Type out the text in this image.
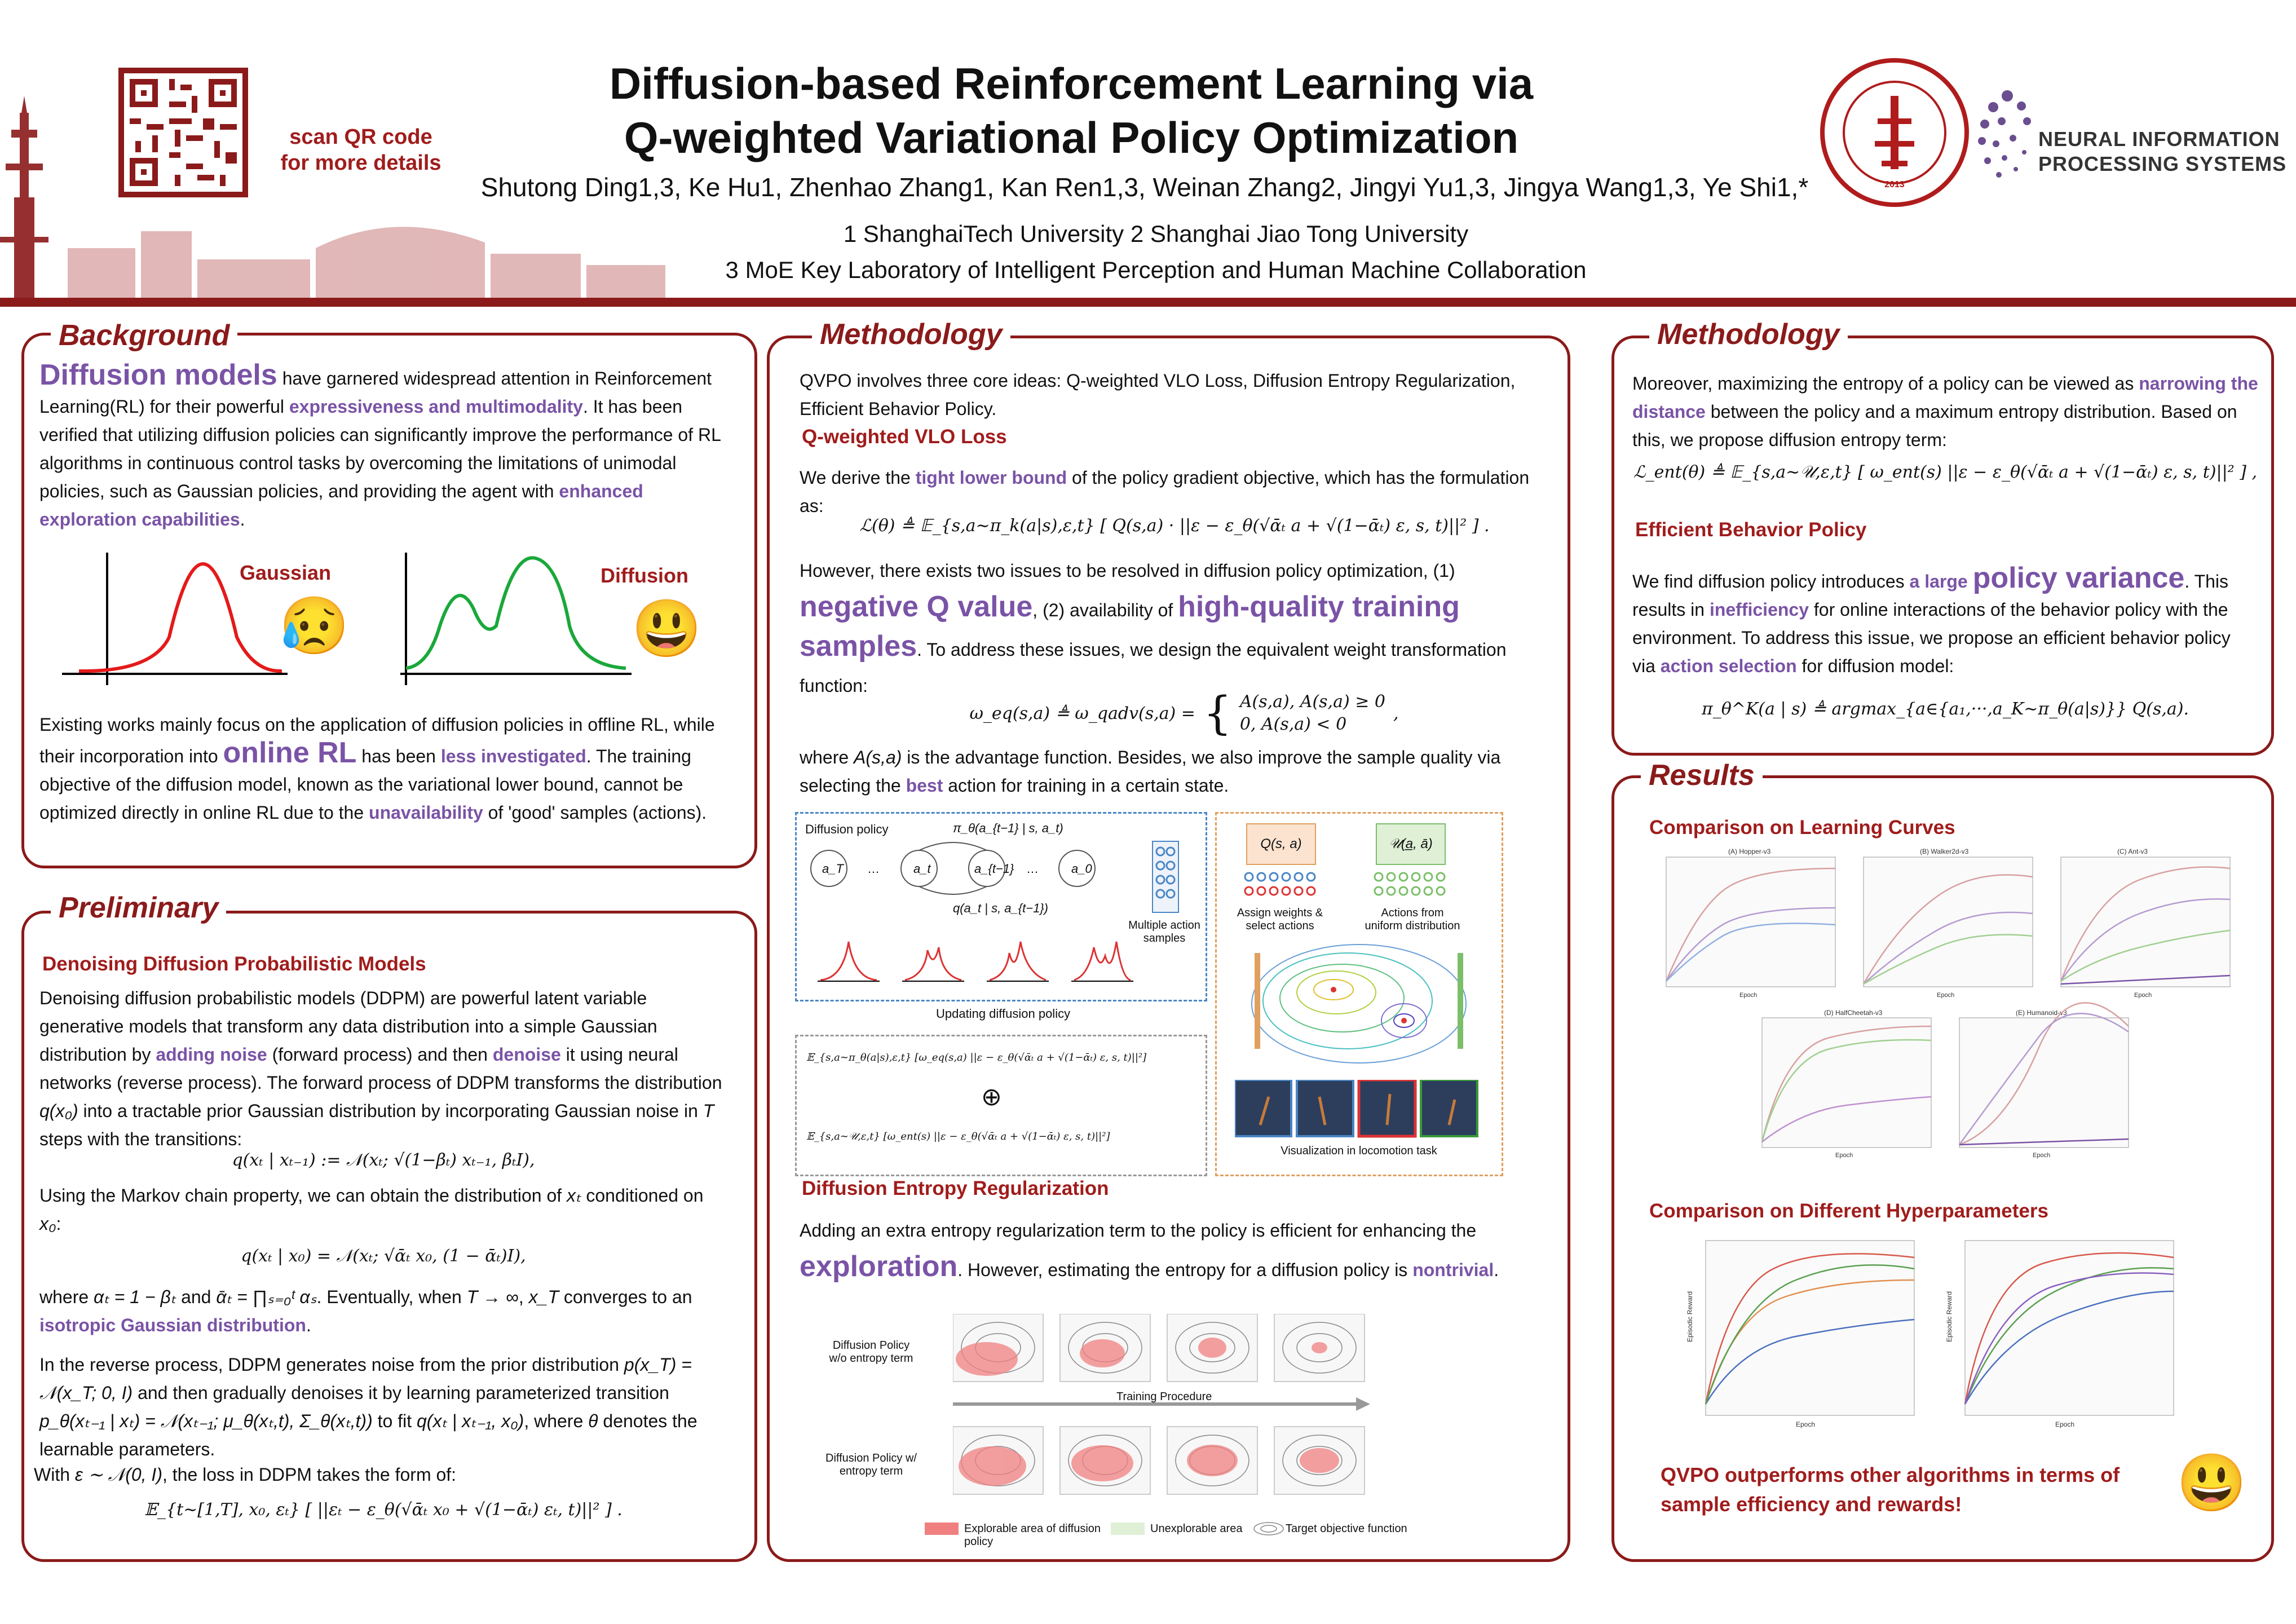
scan QR code
for more details
Diffusion-based Reinforcement Learning via
Q-weighted Variational Policy Optimization
Shutong Ding1,3, Ke Hu1, Zhenhao Zhang1, Kan Ren1,3, Weinan Zhang2, Jingyi Yu1,3, Jingya Wang1,3, Ye Shi1,*
1 ShanghaiTech University 2 Shanghai Jiao Tong University
3 MoE Key Laboratory of Intelligent Perception and Human Machine Collaboration
2013
NEURAL INFORMATION
PROCESSING SYSTEMS
Background
Diffusion models have garnered widespread attention in Reinforcement Learning(RL) for their powerful expressiveness and multimodality. It has been verified that utilizing diffusion policies can significantly improve the performance of RL algorithms in continuous control tasks by overcoming the limitations of unimodal policies, such as Gaussian policies, and providing the agent with enhanced exploration capabilities.
Gaussian	Diffusion
😥	😃
Existing works mainly focus on the application of diffusion policies in offline RL, while their incorporation into online RL has been less investigated. The training objective of the diffusion model, known as the variational lower bound, cannot be optimized directly in online RL due to the unavailability of 'good' samples (actions).
Preliminary
Denoising Diffusion Probabilistic Models
Denoising diffusion probabilistic models (DDPM) are powerful latent variable generative models that transform any data distribution into a simple Gaussian distribution by adding noise (forward process) and then denoise it using neural networks (reverse process). The forward process of DDPM transforms the distribution q(x₀) into a tractable prior Gaussian distribution by incorporating Gaussian noise in T steps with the transitions:
q(xₜ | xₜ₋₁) := 𝒩(xₜ; √(1−βₜ) xₜ₋₁, βₜI),
Using the Markov chain property, we can obtain the distribution of xₜ conditioned on x₀:
q(xₜ | x₀) = 𝒩(xₜ; √ᾱₜ x₀, (1 − ᾱₜ)I),
where αₜ = 1 − βₜ and ᾱₜ = ∏ₛ₌₀ᵗ αₛ. Eventually, when T → ∞, x_T converges to an isotropic Gaussian distribution.
In the reverse process, DDPM generates noise from the prior distribution p(x_T) = 𝒩(x_T; 0, I) and then gradually denoises it by learning parameterized transition p_θ(xₜ₋₁ | xₜ) = 𝒩(xₜ₋₁; μ_θ(xₜ,t), Σ_θ(xₜ,t)) to fit q(xₜ | xₜ₋₁, x₀), where θ denotes the learnable parameters.
With ε ∼ 𝒩(0, I), the loss in DDPM takes the form of:
𝔼_{t∼[1,T], x₀, εₜ} [ ||εₜ − ε_θ(√ᾱₜ x₀ + √(1−ᾱₜ) εₜ, t)||² ] .
Methodology
QVPO involves three core ideas: Q-weighted VLO Loss, Diffusion Entropy Regularization, Efficient Behavior Policy.
Q-weighted VLO Loss
We derive the tight lower bound of the policy gradient objective, which has the formulation as:
ℒ(θ) ≜ 𝔼_{s,a∼π_k(a|s),ε,t} [ Q(s,a) · ||ε − ε_θ(√ᾱₜ a + √(1−ᾱₜ) ε, s, t)||² ] .
However, there exists two issues to be resolved in diffusion policy optimization, (1) negative Q value, (2) availability of high-quality training samples. To address these issues, we design the equivalent weight transformation function:
ω_eq(s,a) ≜ ω_qadv(s,a) = { A(s,a), A(s,a) ≥ 0
0, A(s,a) < 0
,
where A(s,a) is the advantage function. Besides, we also improve the sample quality via selecting the best action for training in a certain state.
Diffusion policy	π_θ(a_{t−1} | s, a_t)
a_T …	a_t	a_{t−1} …	a_0
q(a_t | s, a_{t−1})
Multiple action samples
Q(s, a)	𝒰(a̲, ā)
Assign weights & select actions
Actions from uniform distribution
Visualization in locomotion task
Updating diffusion policy
𝔼_{s,a∼π_θ(a|s),ε,t} [ω_eq(s,a) ||ε − ε_θ(√ᾱₜ a + √(1−ᾱₜ) ε, s, t)||²]
⊕
𝔼_{s,a∼𝒰,ε,t} [ω_ent(s) ||ε − ε_θ(√ᾱₜ a + √(1−ᾱₜ) ε, s, t)||²]
Diffusion Entropy Regularization
Adding an extra entropy regularization term to the policy is efficient for enhancing the exploration. However, estimating the entropy for a diffusion policy is nontrivial.
Diffusion Policy w/o entropy term
Diffusion Policy w/ entropy term
Training Procedure
Explorable area of diffusion policy
Unexplorable area	Target objective function
Methodology
Moreover, maximizing the entropy of a policy can be viewed as narrowing the distance between the policy and a maximum entropy distribution. Based on this, we propose diffusion entropy term:
ℒ_ent(θ) ≜ 𝔼_{s,a∼𝒰,ε,t} [ ω_ent(s) ||ε − ε_θ(√ᾱₜ a + √(1−ᾱₜ) ε, s, t)||² ] ,
Efficient Behavior Policy
We find diffusion policy introduces a large policy variance. This results in inefficiency for online interactions of the behavior policy with the environment. To address this issue, we propose an efficient behavior policy via action selection for diffusion model:
π_θ^K(a | s) ≜ argmax_{a∈{a₁,···,a_K∼π_θ(a|s)}} Q(s,a).
Results
Comparison on Learning Curves
(A) Hopper-v3	(B) Walker2d-v3	(C) Ant-v3
(D) HalfCheetah-v3	(E) Humanoid-v3
Epoch	Epoch	Epoch
Epoch	Epoch
Comparison on Different Hyperparameters
Epoch	Epoch
Episodic Reward	Episodic Reward
QVPO outperforms other algorithms in terms of sample efficiency and rewards!	😃
